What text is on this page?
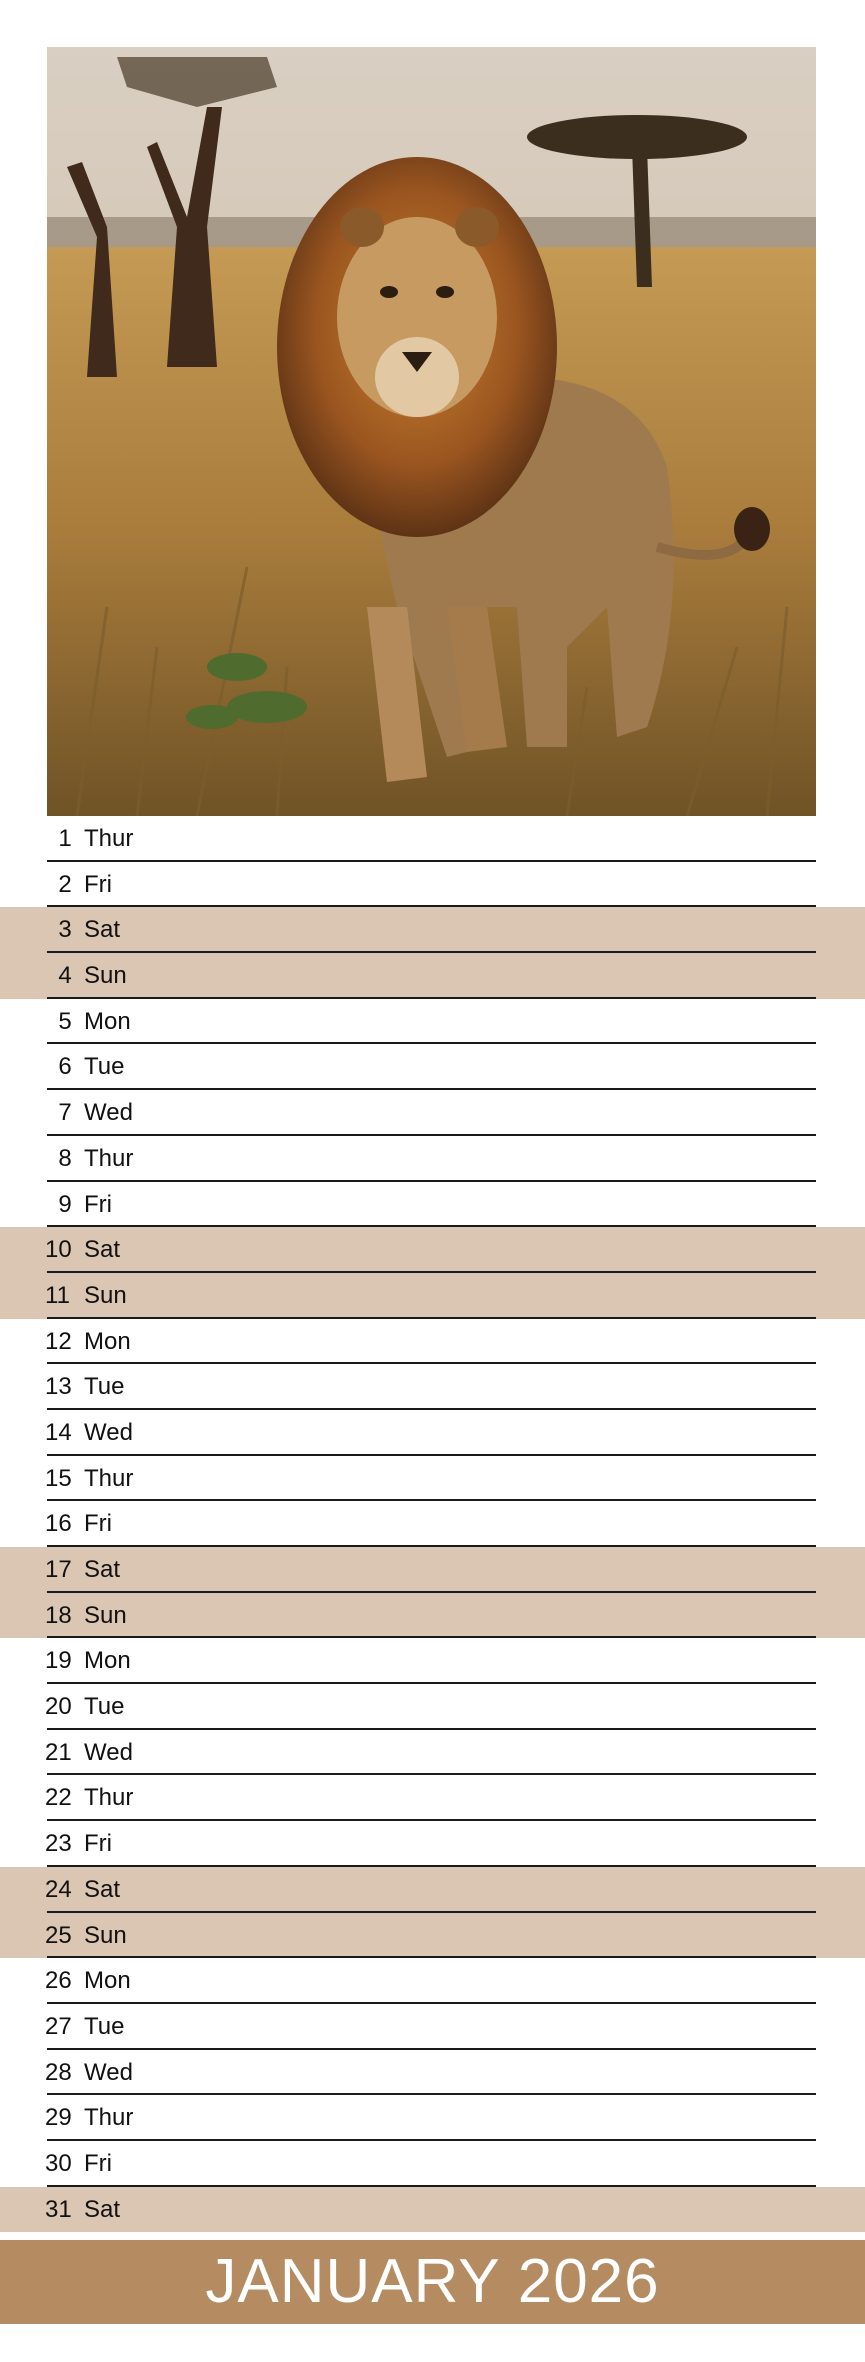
1 Thur
2 Fri
3 Sat
4 Sun
5 Mon
6 Tue
7 Wed
8 Thur
9 Fri
10 Sat
11 Sun
12 Mon
13 Tue
14 Wed
15 Thur
16 Fri
17 Sat
18 Sun
19 Mon
20 Tue
21 Wed
22 Thur
23 Fri
24 Sat
25 Sun
26 Mon
27 Tue
28 Wed
29 Thur
30 Fri
31 Sat
JANUARY 2026
